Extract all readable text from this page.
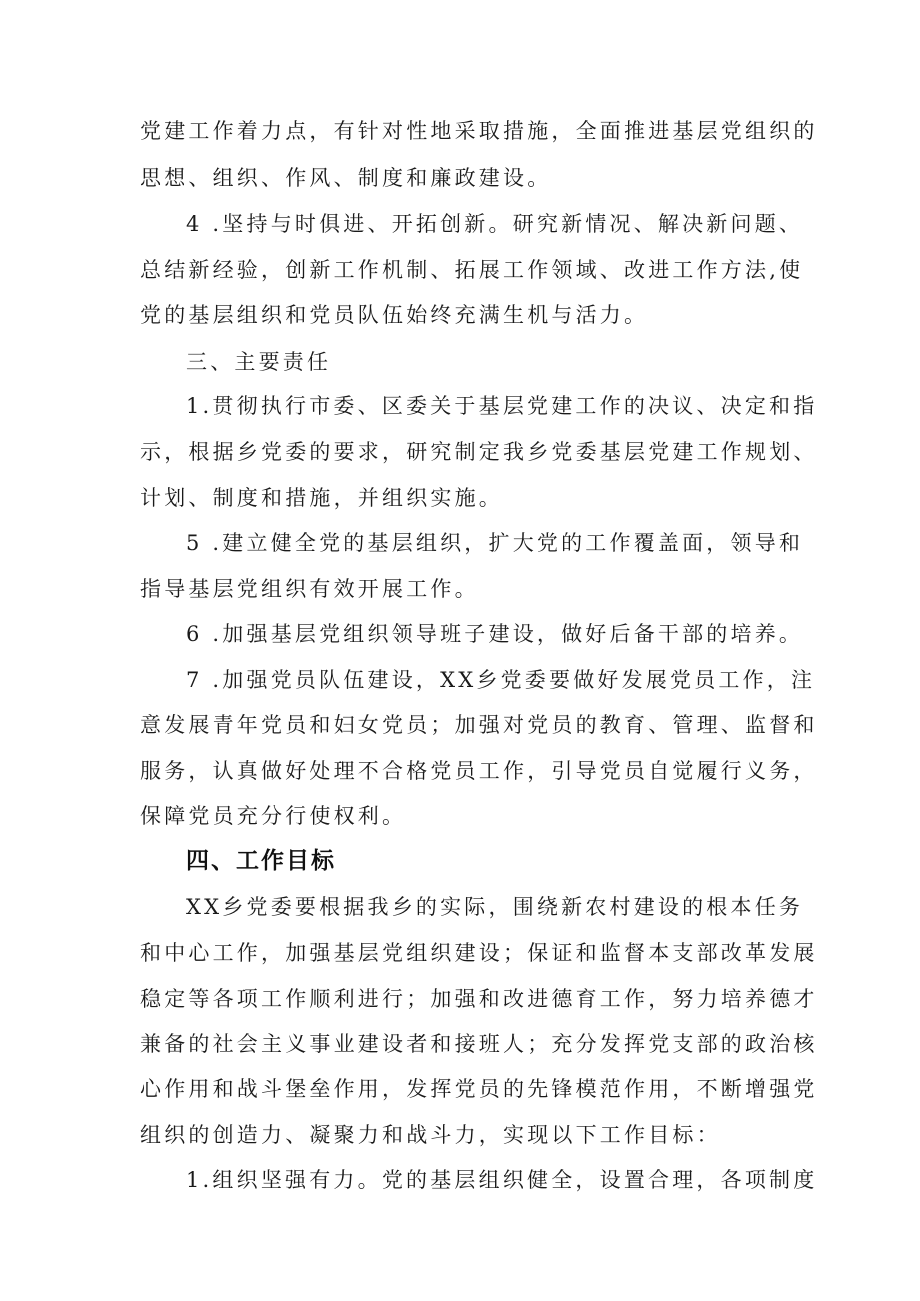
党建工作着力点，有针对性地采取措施，全面推进基层党组织的
思想、组织、作风、制度和廉政建设。
4 .坚持与时俱进、开拓创新。研究新情况、解决新问题、
总结新经验，创新工作机制、拓展工作领域、改进工作方法,使
党的基层组织和党员队伍始终充满生机与活力。
三、主要责任
1.贯彻执行市委、区委关于基层党建工作的决议、决定和指
示，根据乡党委的要求，研究制定我乡党委基层党建工作规划、
计划、制度和措施，并组织实施。
5 .建立健全党的基层组织，扩大党的工作覆盖面，领导和
指导基层党组织有效开展工作。
6 .加强基层党组织领导班子建设，做好后备干部的培养。
7 .加强党员队伍建设，XX乡党委要做好发展党员工作，注
意发展青年党员和妇女党员；加强对党员的教育、管理、监督和
服务，认真做好处理不合格党员工作，引导党员自觉履行义务，
保障党员充分行使权利。
四、工作目标
XX乡党委要根据我乡的实际，围绕新农村建设的根本任务
和中心工作，加强基层党组织建设；保证和监督本支部改革发展
稳定等各项工作顺利进行；加强和改进德育工作，努力培养德才
兼备的社会主义事业建设者和接班人；充分发挥党支部的政治核
心作用和战斗堡垒作用，发挥党员的先锋模范作用，不断增强党
组织的创造力、凝聚力和战斗力，实现以下工作目标：
1.组织坚强有力。党的基层组织健全，设置合理，各项制度
